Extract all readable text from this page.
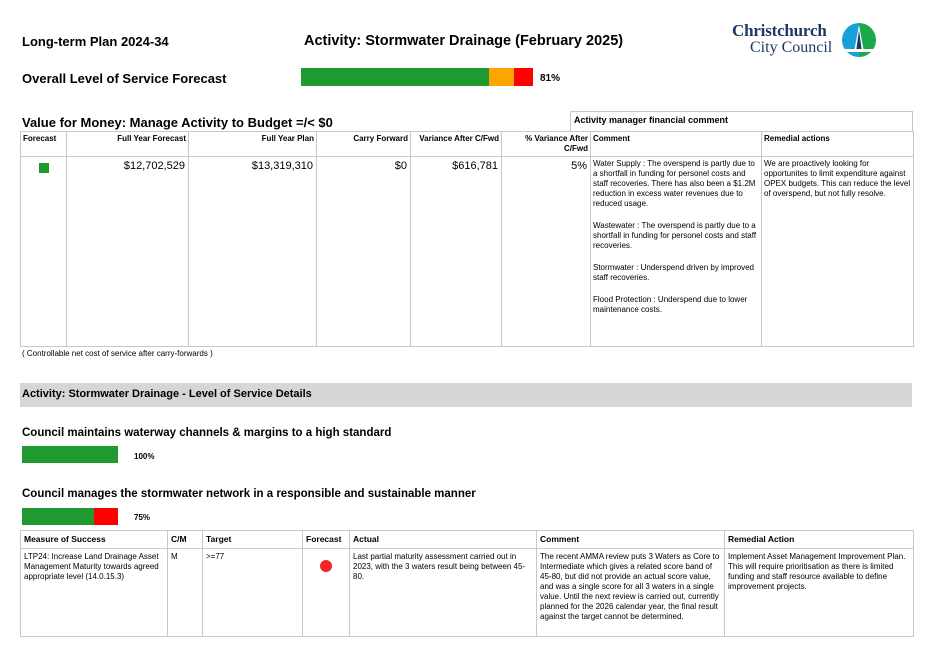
Long-term Plan 2024-34	Activity: Stormwater Drainage (February 2025)
Christchurch
City Council
Overall Level of Service Forecast	81%
Value for Money: Manage Activity to Budget =/< $0	Activity manager financial comment
Forecast	Full Year Forecast	Full Year Plan	Carry Forward	Variance After C/Fwd	% Variance After C/Fwd	Comment	Remedial actions

	$12,702,529	$13,319,310	$0	$616,781	5%	Water Supply : The overspend is partly due to a shortfall in funding for personel costs and staff recoveries. There has also been a $1.2M reduction in excess water revenues due to reduced usage.

Wastewater : The overspend is partly due to a shortfall in funding for personel costs and staff recoveries.

Stormwater : Underspend driven by improved staff recoveries.

Flood Protection : Underspend due to lower maintenance costs.	We are proactively looking for opportunites to limit expenditure against OPEX budgets. This can reduce the level of overspend, but not fully resolve.
( Controllable net cost of service after carry-forwards )
Activity: Stormwater Drainage - Level of Service Details
Council maintains waterway channels & margins to a high standard
100%
Council manages the stormwater network in a responsible and sustainable manner
75%
Measure of Success	C/M	Target	Forecast	Actual	Comment	Remedial Action
LTP24: Increase Land Drainage Asset Management Maturity towards agreed appropriate level (14.0.15.3)	M	>=77		Last partial maturity assessment carried out in 2023, with the 3 waters result being between 45-80.	The recent AMMA review puts 3 Waters as Core to Intermediate which gives a related score band of 45-80, but did not provide an actual score value, and was a single score for all 3 waters in a single value. Until the next review is carried out, currently planned for the 2026 calendar year, the final result against the target cannot be determined.	Implement Asset Management Improvement Plan. This will require prioritisation as there is limited funding and staff resource available to define improvement projects.
